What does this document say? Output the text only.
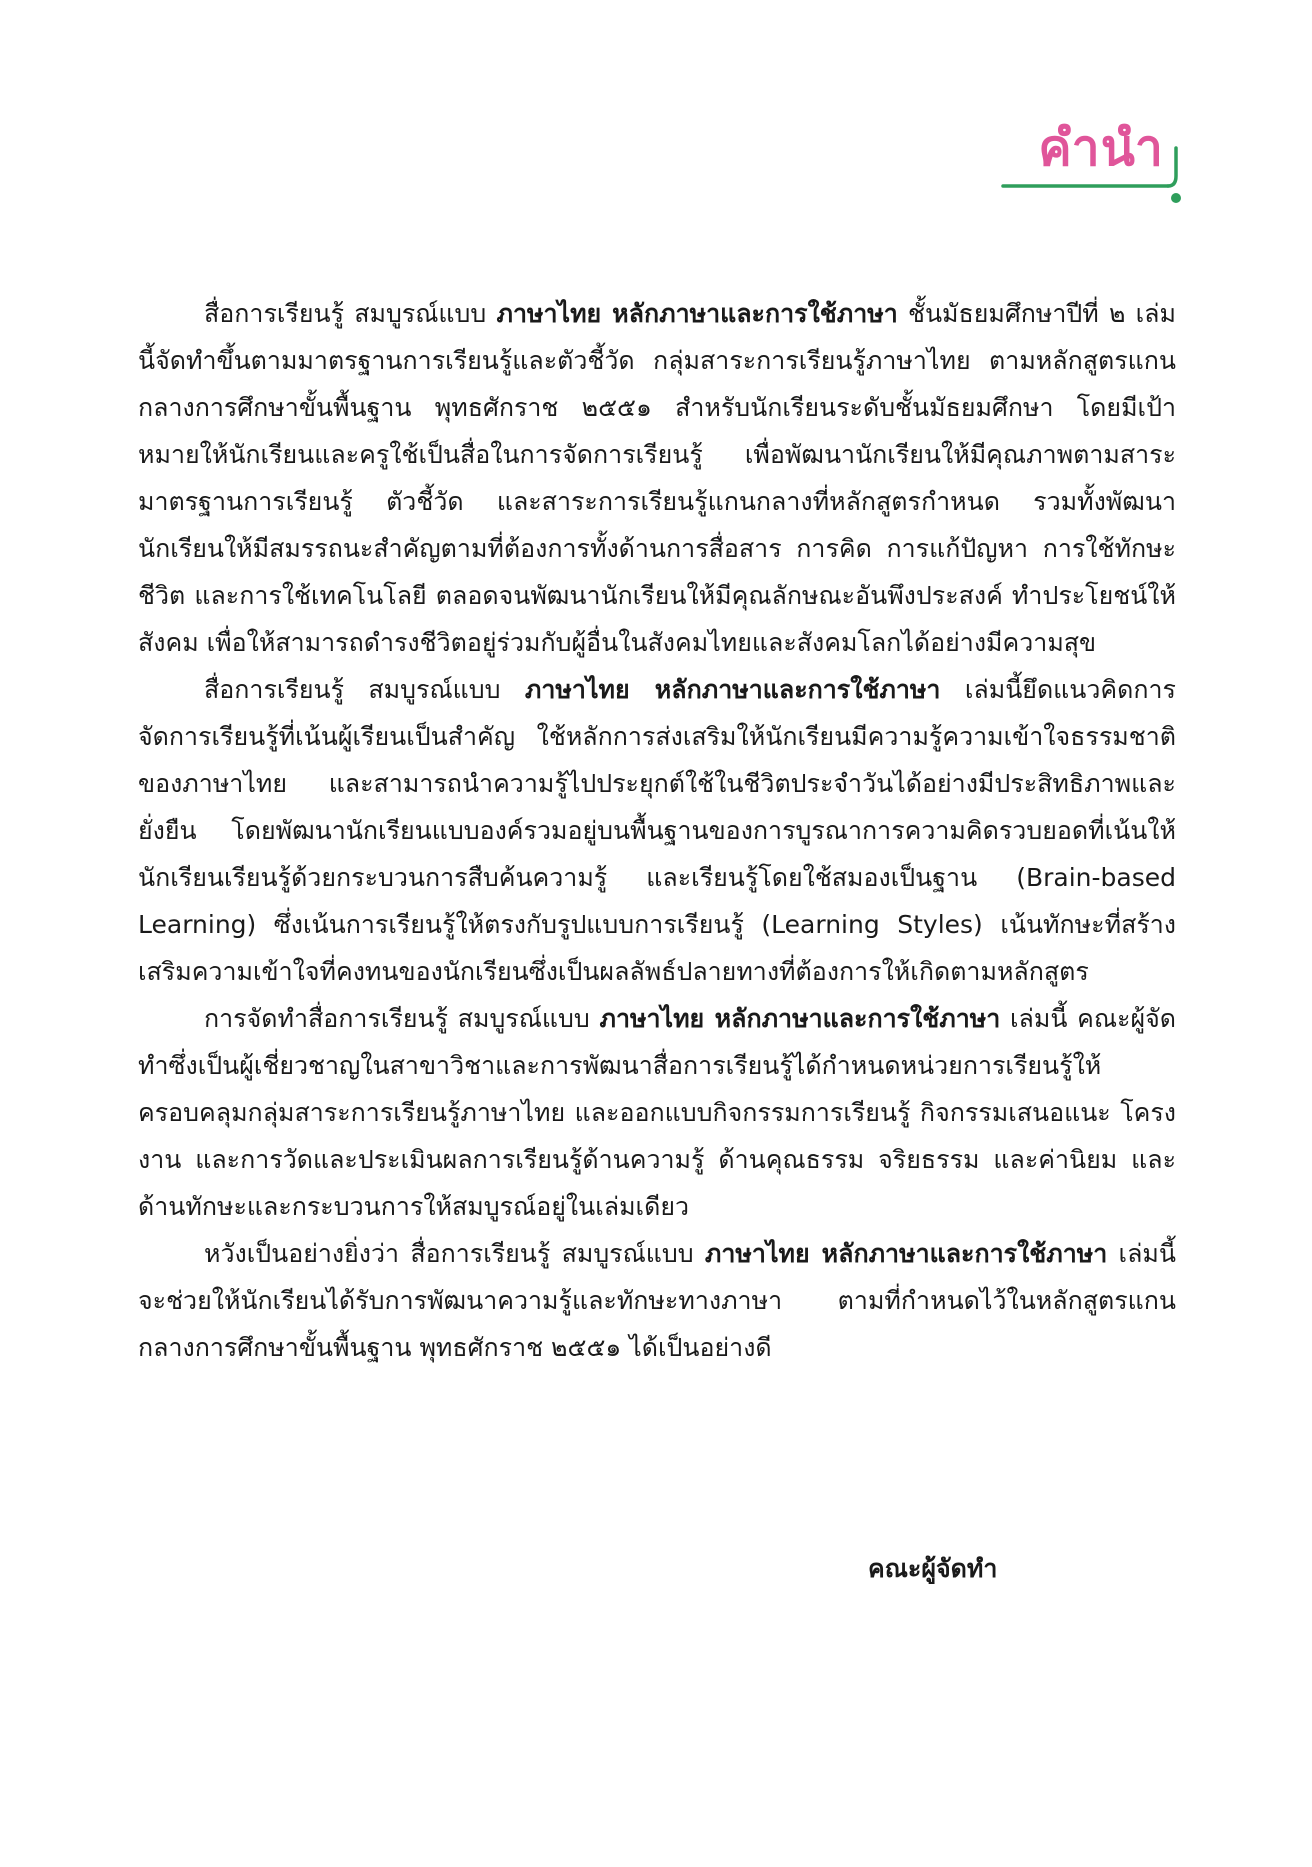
คำนำ

สื่อการเรียนรู้ สมบูรณ์แบบ ภาษาไทย หลักภาษาและการใช้ภาษา ชั้นมัธยมศึกษาปีที่ ๒ เล่มนี้จัดทำขึ้นตามมาตรฐานการเรียนรู้และตัวชี้วัด กลุ่มสาระการเรียนรู้ภาษาไทย ตามหลักสูตรแกนกลางการศึกษาขั้นพื้นฐาน พุทธศักราช ๒๕๕๑ สำหรับนักเรียนระดับชั้นมัธยมศึกษา โดยมีเป้าหมายให้นักเรียนและครูใช้เป็นสื่อในการจัดการเรียนรู้ เพื่อพัฒนานักเรียนให้มีคุณภาพตามสาระมาตรฐานการเรียนรู้ ตัวชี้วัด และสาระการเรียนรู้แกนกลางที่หลักสูตรกำหนด รวมทั้งพัฒนานักเรียนให้มีสมรรถนะสำคัญตามที่ต้องการทั้งด้านการสื่อสาร การคิด การแก้ปัญหา การใช้ทักษะชีวิต และการใช้เทคโนโลยี ตลอดจนพัฒนานักเรียนให้มีคุณลักษณะอันพึงประสงค์ ทำประโยชน์ให้สังคม เพื่อให้สามารถดำรงชีวิตอยู่ร่วมกับผู้อื่นในสังคมไทยและสังคมโลกได้อย่างมีความสุข

สื่อการเรียนรู้ สมบูรณ์แบบ ภาษาไทย หลักภาษาและการใช้ภาษา เล่มนี้ยึดแนวคิดการจัดการเรียนรู้ที่เน้นผู้เรียนเป็นสำคัญ ใช้หลักการส่งเสริมให้นักเรียนมีความรู้ความเข้าใจธรรมชาติของภาษาไทย และสามารถนำความรู้ไปประยุกต์ใช้ในชีวิตประจำวันได้อย่างมีประสิทธิภาพและยั่งยืน โดยพัฒนานักเรียนแบบองค์รวมอยู่บนพื้นฐานของการบูรณาการความคิดรวบยอดที่เน้นให้นักเรียนเรียนรู้ด้วยกระบวนการสืบค้นความรู้ และเรียนรู้โดยใช้สมองเป็นฐาน (Brain-based Learning) ซึ่งเน้นการเรียนรู้ให้ตรงกับรูปแบบการเรียนรู้ (Learning Styles) เน้นทักษะที่สร้างเสริมความเข้าใจที่คงทนของนักเรียนซึ่งเป็นผลลัพธ์ปลายทางที่ต้องการให้เกิดตามหลักสูตร

การจัดทำสื่อการเรียนรู้ สมบูรณ์แบบ ภาษาไทย หลักภาษาและการใช้ภาษา เล่มนี้ คณะผู้จัดทำซึ่งเป็นผู้เชี่ยวชาญในสาขาวิชาและการพัฒนาสื่อการเรียนรู้ได้กำหนดหน่วยการเรียนรู้ให้ครอบคลุมกลุ่มสาระการเรียนรู้ภาษาไทย และออกแบบกิจกรรมการเรียนรู้ กิจกรรมเสนอแนะ โครงงาน และการวัดและประเมินผลการเรียนรู้ด้านความรู้ ด้านคุณธรรม จริยธรรม และค่านิยม และด้านทักษะและกระบวนการให้สมบูรณ์อยู่ในเล่มเดียว

หวังเป็นอย่างยิ่งว่า สื่อการเรียนรู้ สมบูรณ์แบบ ภาษาไทย หลักภาษาและการใช้ภาษา เล่มนี้จะช่วยให้นักเรียนได้รับการพัฒนาความรู้และทักษะทางภาษา ตามที่กำหนดไว้ในหลักสูตรแกนกลางการศึกษาขั้นพื้นฐาน พุทธศักราช ๒๕๕๑ ได้เป็นอย่างดี

คณะผู้จัดทำ
